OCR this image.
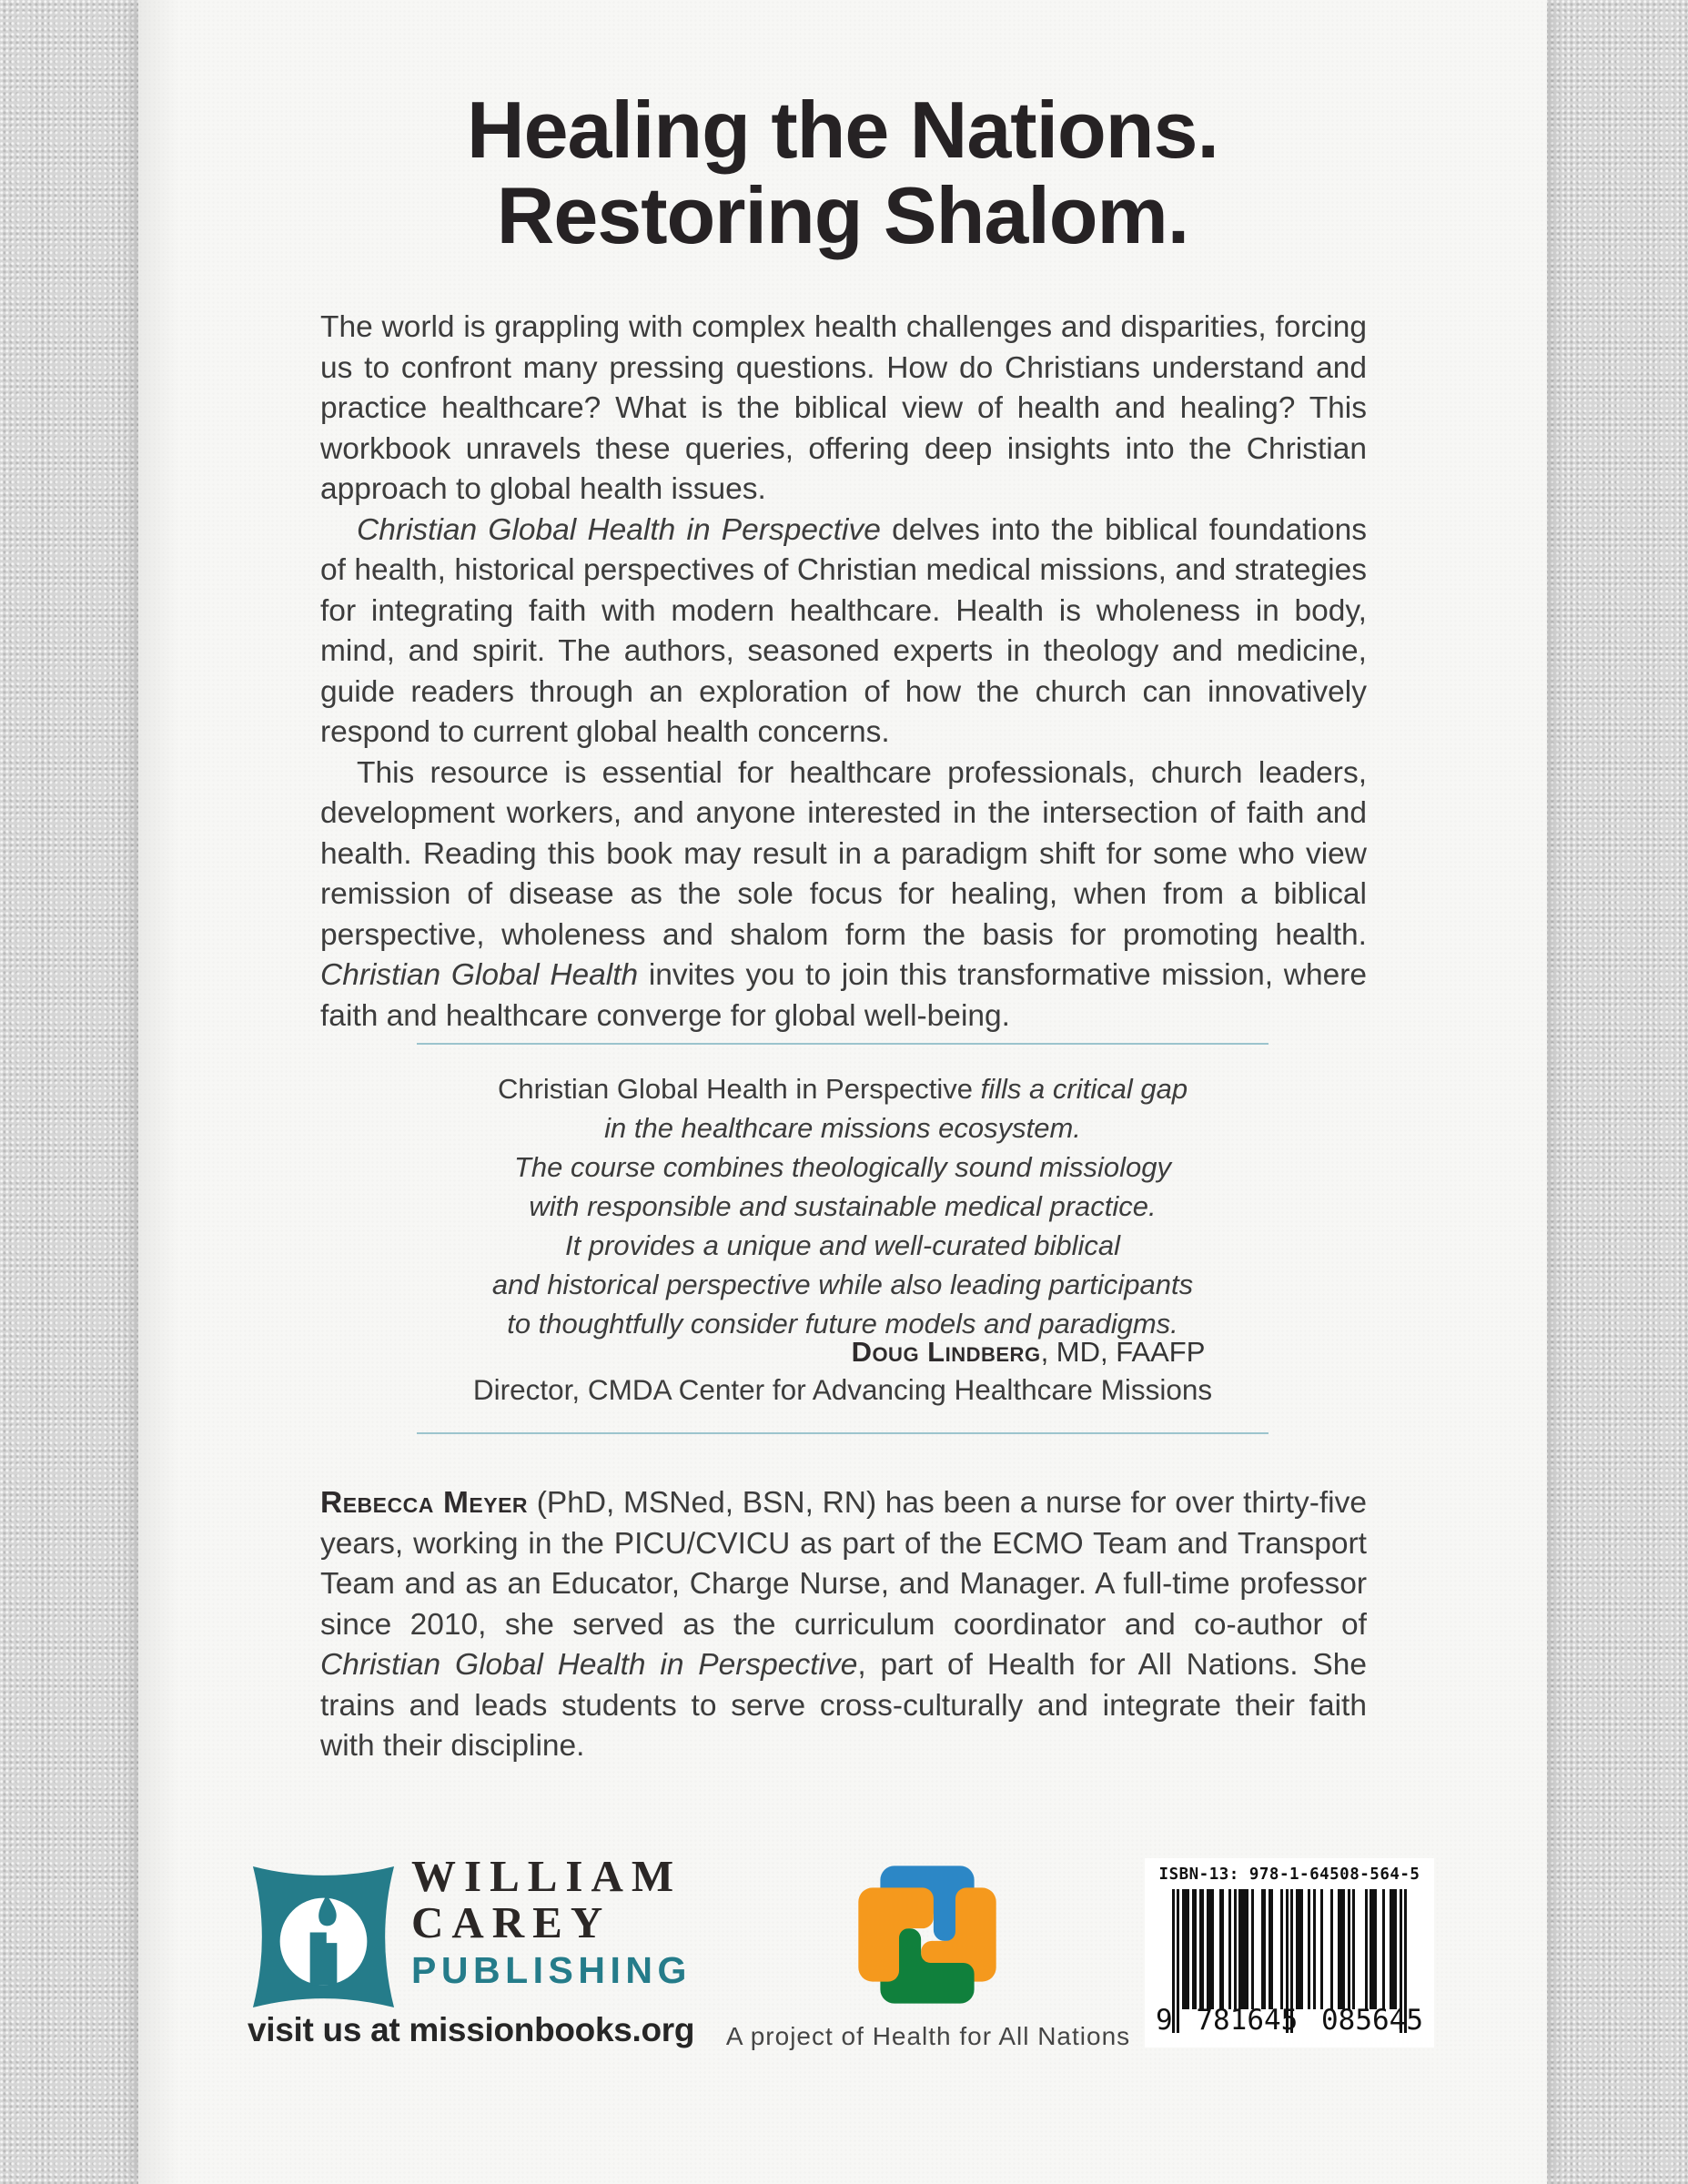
Healing the Nations.
Restoring Shalom.

The world is grappling with complex health challenges and disparities, forcing us to confront many pressing questions. How do Christians understand and practice healthcare? What is the biblical view of health and healing? This workbook unravels these queries, offering deep insights into the Christian approach to global health issues.

Christian Global Health in Perspective delves into the biblical foundations of health, historical perspectives of Christian medical missions, and strategies for integrating faith with modern healthcare. Health is wholeness in body, mind, and spirit. The authors, seasoned experts in theology and medicine, guide readers through an exploration of how the church can innovatively respond to current global health concerns.

This resource is essential for healthcare professionals, church leaders, development workers, and anyone interested in the intersection of faith and health. Reading this book may result in a paradigm shift for some who view remission of disease as the sole focus for healing, when from a biblical perspective, wholeness and shalom form the basis for promoting health. Christian Global Health invites you to join this transformative mission, where faith and healthcare converge for global well-being.

Christian Global Health in Perspective fills a critical gap
in the healthcare missions ecosystem.
The course combines theologically sound missiology
with responsible and sustainable medical practice.
It provides a unique and well-curated biblical
and historical perspective while also leading participants
to thoughtfully consider future models and paradigms.
Doug Lindberg, MD, FAAFP
Director, CMDA Center for Advancing Healthcare Missions

Rebecca Meyer (PhD, MSNed, BSN, RN) has been a nurse for over thirty-five years, working in the PICU/CVICU as part of the ECMO Team and Transport Team and as an Educator, Charge Nurse, and Manager. A full-time professor since 2010, she served as the curriculum coordinator and co-author of Christian Global Health in Perspective, part of Health for All Nations. She trains and leads students to serve cross-culturally and integrate their faith with their discipline.

WILLIAM
CAREY
PUBLISHING
visit us at missionbooks.org	A project of Health for All Nations
ISBN-13: 978-1-64508-564-5
9 781645 085645
